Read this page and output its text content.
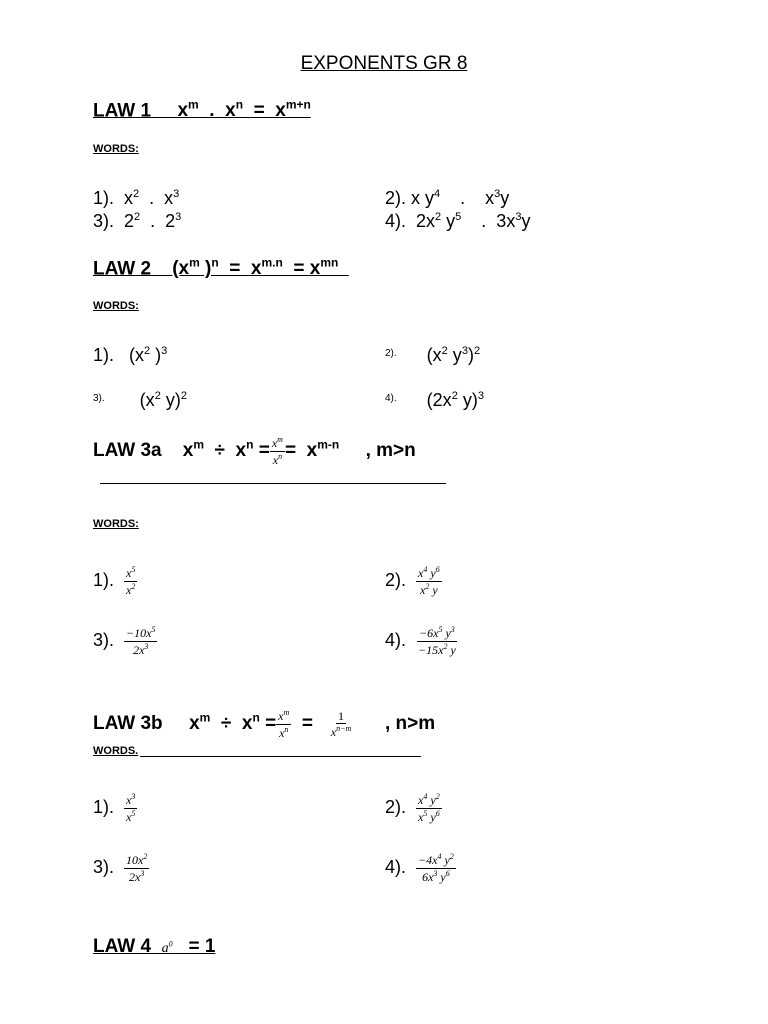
EXPONENTS GR 8
LAW 1 $x^m$  .  $x^n = x^{m+n}$
WORDS:
1).  $x^2$  .  $x^3$	2). x $y^4$    .    $x^3y$
3).  $2^2$  .  $2^3$	4).  $2x^2$ $y^5$    .  $3x^3y$
LAW 2 ($x^m$ )$^n = x^{m.n} = x^{mn}$
WORDS:
1).   ($x^2$ )$^3$	$^{2).}$      ($x^2$ $y^3)^2$
$^{3).}$       ($x^2$ y)$^2$	$^{4).}$      ($2x^2$ y)$^3$
LAW 3a $x^m \div x^n = \frac{x^m}{x^n} = x^{m-n}$ , m>n
WORDS:
1). $\frac{x^5}{x^2}$	2). $\frac{x^4 y^6}{x^2 y}$
3). $\frac{-10x^5}{2x^3}$	4). $\frac{-6x^5 y^3}{-15x^2 y}$
LAW 3b $x^m \div x^n = \frac{x^m}{x^n} = \frac{1}{x^{n-m}}$ , n>m
WORDS.
1). $\frac{x^3}{x^5}$	2). $\frac{x^4 y^2}{x^5 y^6}$
3). $\frac{10x^2}{2x^3}$	4). $\frac{-4x^4 y^2}{6x^3 y^6}$
LAW 4 $a^0 = 1$
